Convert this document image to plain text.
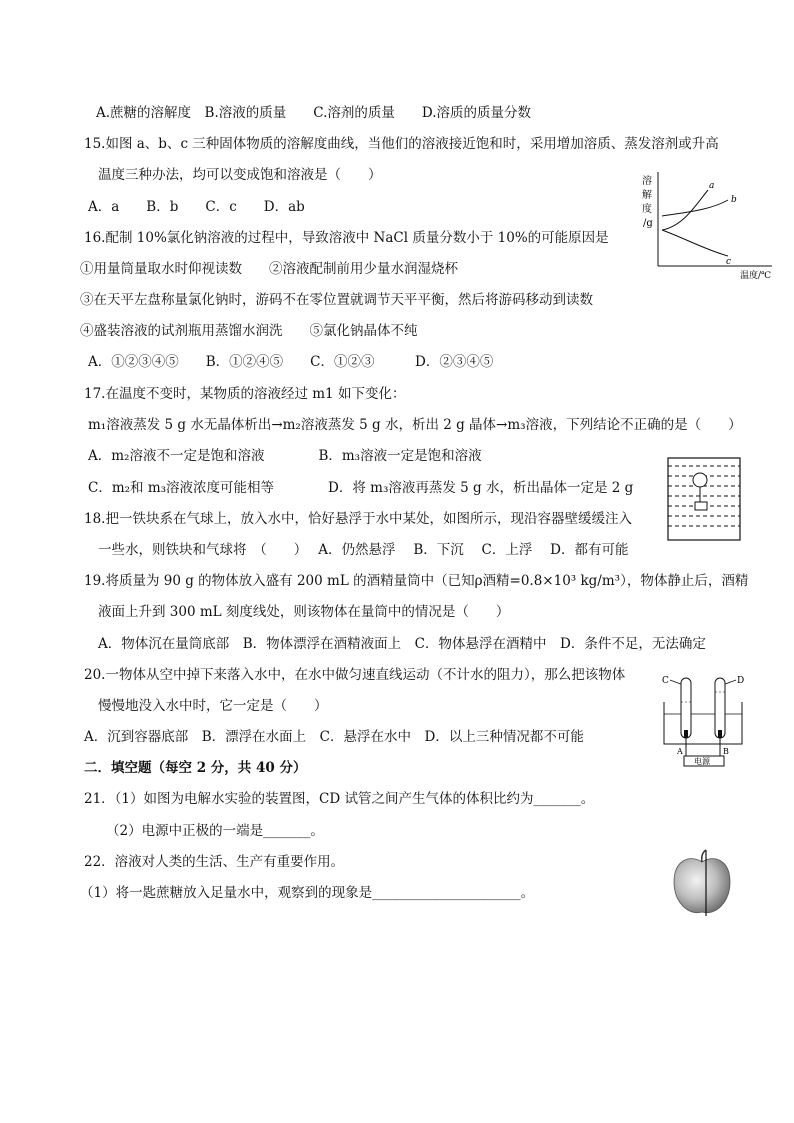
A.蔗糖的溶解度　B.溶液的质量　　C.溶剂的质量　　D.溶质的质量分数
15.如图 a、b、c 三种固体物质的溶解度曲线，当他们的溶液接近饱和时，采用增加溶质、蒸发溶剂或升高
温度三种办法，均可以变成饱和溶液是（　　）
A．a　　B．b　　C．c　　D．ab
16.配制 10%氯化钠溶液的过程中，导致溶液中 NaCl 质量分数小于 10%的可能原因是
①用量筒量取水时仰视读数　　②溶液配制前用少量水润湿烧杯
③在天平左盘称量氯化钠时，游码不在零位置就调节天平平衡，然后将游码移动到读数
④盛装溶液的试剂瓶用蒸馏水润洗　　⑤氯化钠晶体不纯
A．①②③④⑤　　B．①②④⑤　　C．①②③　　　D．②③④⑤
17.在温度不变时，某物质的溶液经过 m1 如下变化：
m₁溶液蒸发 5 g 水无晶体析出→m₂溶液蒸发 5 g 水，析出 2 g 晶体→m₃溶液，下列结论不正确的是（　　）
A．m₂溶液不一定是饱和溶液　　　　B．m₃溶液一定是饱和溶液
C．m₂和 m₃溶液浓度可能相等　　　　D．将 m₃溶液再蒸发 5 g 水，析出晶体一定是 2 g
18.把一铁块系在气球上，放入水中，恰好悬浮于水中某处，如图所示，现沿容器壁缓缓注入
一些水，则铁块和气球将　（　　）　 A．仍然悬浮　 B．下沉　 C．上浮　 D．都有可能
19.将质量为 90 g 的物体放入盛有 200 mL 的酒精量筒中（已知ρ酒精=0.8×10³ kg/m³），物体静止后，酒精
液面上升到 300 mL 刻度线处，则该物体在量筒中的情况是（　　）
A．物体沉在量筒底部　B．物体漂浮在酒精液面上　C．物体悬浮在酒精中　D．条件不足，无法确定
20.一物体从空中掉下来落入水中，在水中做匀速直线运动（不计水的阻力），那么把该物体
慢慢地没入水中时，它一定是（　　）
A．沉到容器底部　B．漂浮在水面上　C．悬浮在水中　D．以上三种情况都不可能
二．填空题（每空 2 分，共 40 分）
21．（1）如图为电解水实验的装置图，CD 试管之间产生气体的体积比约为_______。
（2）电源中正极的一端是_______。
22．溶液对人类的生活、生产有重要作用。
（1）将一匙蔗糖放入足量水中，观察到的现象是______________________。
溶
解
度
/g
a
b
c
温度/℃
C	D
A	B
电源
